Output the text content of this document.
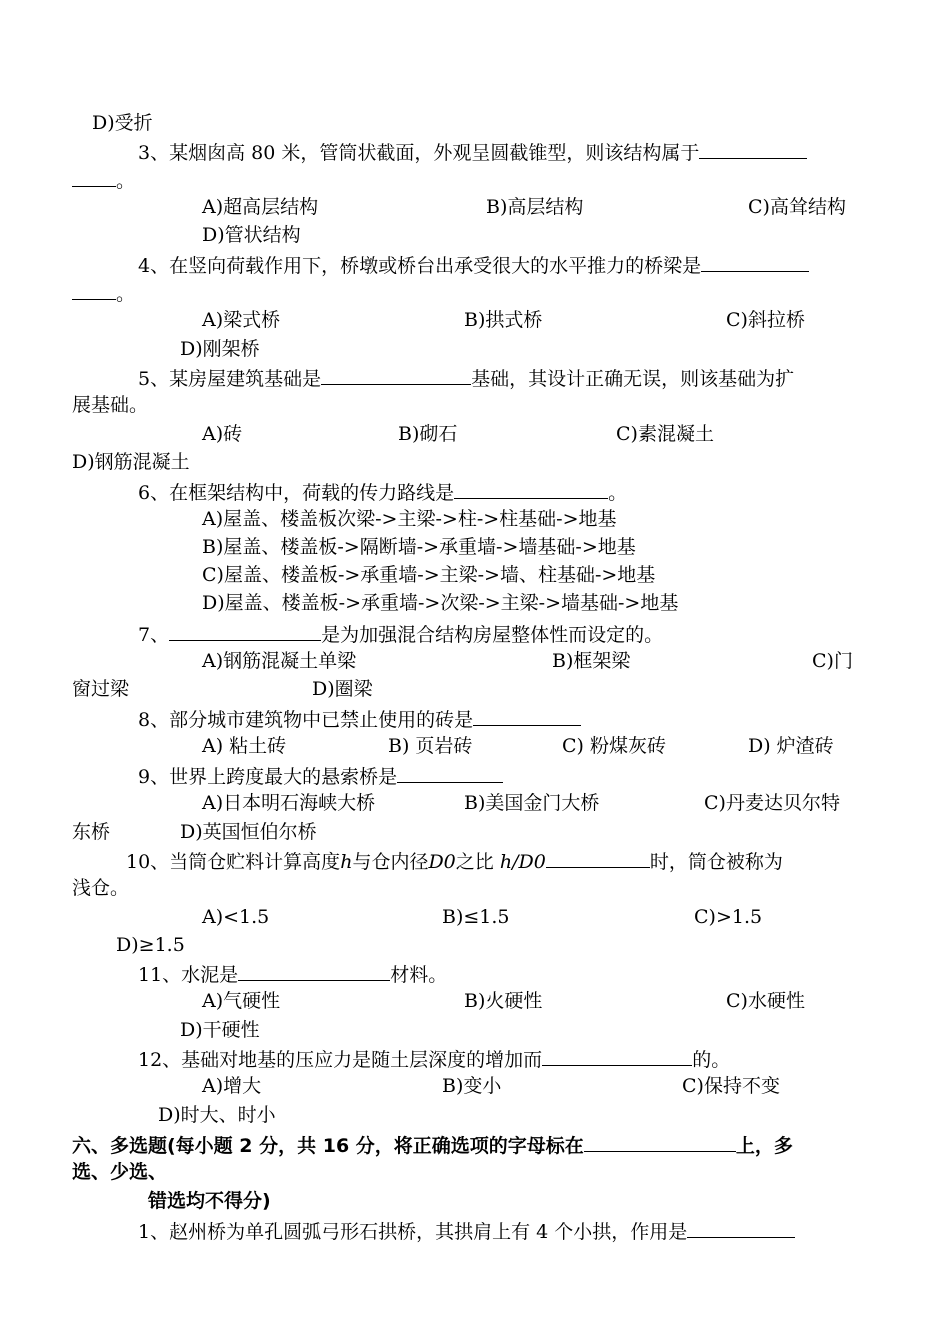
D)受折
3、某烟囱高 80 米，管筒状截面，外观呈圆截锥型，则该结构属于
。
A)超高层结构	B)高层结构	C)高耸结构
D)管状结构
4、在竖向荷载作用下，桥墩或桥台出承受很大的水平推力的桥梁是
。
A)梁式桥	B)拱式桥	C)斜拉桥
D)刚架桥
5、某房屋建筑基础是	基础，其设计正确无误，则该基础为扩
展基础。
A)砖	B)砌石	C)素混凝土
D)钢筋混凝土
6、在框架结构中，荷载的传力路线是	。
A)屋盖、楼盖板次梁->主梁->柱->柱基础->地基
B)屋盖、楼盖板->隔断墙->承重墙->墙基础->地基
C)屋盖、楼盖板->承重墙->主梁->墙、柱基础->地基
D)屋盖、楼盖板->承重墙->次梁->主梁->墙基础->地基
7、	是为加强混合结构房屋整体性而设定的。
A)钢筋混凝土单梁	B)框架梁	C)门
窗过梁	D)圈梁
8、部分城市建筑物中已禁止使用的砖是
A) 粘土砖	B) 页岩砖	C) 粉煤灰砖	D) 炉渣砖
9、世界上跨度最大的悬索桥是
A)日本明石海峡大桥	B)美国金门大桥	C)丹麦达贝尔特
东桥	D)英国恒伯尔桥
10、当筒仓贮料计算高度h与仓内径D0之比 h/D0	时，筒仓被称为
浅仓。
A)<1.5	B)≤1.5	C)>1.5
D)≥1.5
11、水泥是	材料。
A)气硬性	B)火硬性	C)水硬性
D)干硬性
12、基础对地基的压应力是随土层深度的增加而	的。
A)增大	B)变小	C)保持不变
D)时大、时小
六、多选题(每小题 2 分，共 16 分，将正确选项的字母标在	上，多
选、少选、
错选均不得分)
1、赵州桥为单孔圆弧弓形石拱桥，其拱肩上有 4 个小拱，作用是
